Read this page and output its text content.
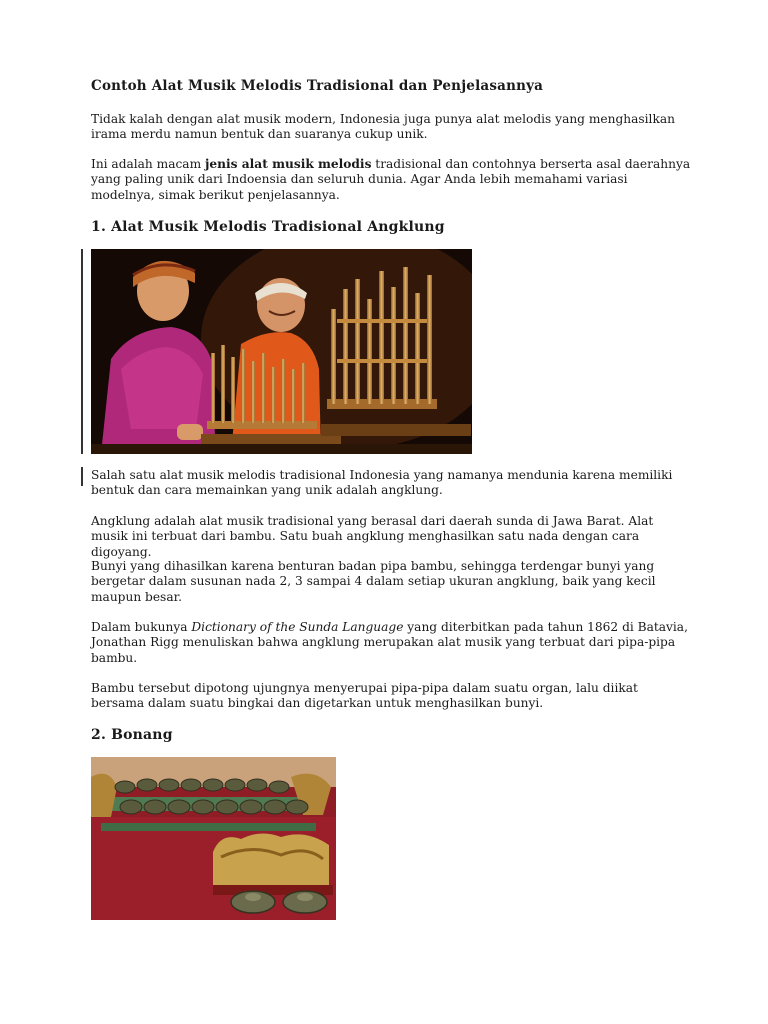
Contoh Alat Musik Melodis Tradisional dan Penjelasannya

Tidak kalah dengan alat musik modern, Indonesia juga punya alat melodis yang menghasilkan irama merdu namun bentuk dan suaranya cukup unik.

Ini adalah macam jenis alat musik melodis tradisional dan contohnya berserta asal daerahnya yang paling unik dari Indoensia dan seluruh dunia. Agar Anda lebih memahami variasi modelnya, simak berikut penjelasannya.

1. Alat Musik Melodis Tradisional Angklung

Salah satu alat musik melodis tradisional Indonesia yang namanya mendunia karena memiliki bentuk dan cara memainkan yang unik adalah angklung.

Angklung adalah alat musik tradisional yang berasal dari daerah sunda di Jawa Barat. Alat musik ini terbuat dari bambu. Satu buah angklung menghasilkan satu nada dengan cara digoyang.

Bunyi yang dihasilkan karena benturan badan pipa bambu, sehingga terdengar bunyi yang bergetar dalam susunan nada 2, 3 sampai 4 dalam setiap ukuran angklung, baik yang kecil maupun besar.

Dalam bukunya Dictionary of the Sunda Language yang diterbitkan pada tahun 1862 di Batavia, Jonathan Rigg menuliskan bahwa angklung merupakan alat musik yang terbuat dari pipa-pipa bambu.

Bambu tersebut dipotong ujungnya menyerupai pipa-pipa dalam suatu organ, lalu diikat bersama dalam suatu bingkai dan digetarkan untuk menghasilkan bunyi.

2. Bonang
